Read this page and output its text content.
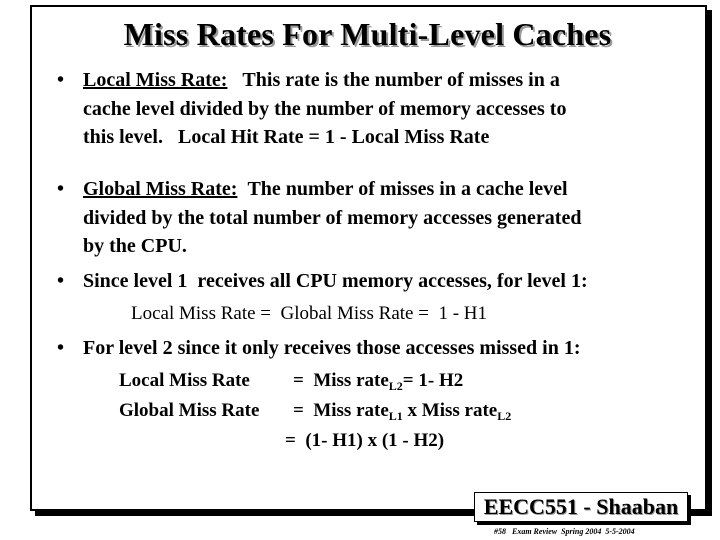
Miss Rates For Multi-Level Caches
• Local Miss Rate: This rate is the number of misses in a
cache level divided by the number of memory accesses to
this level.   Local Hit Rate = 1 - Local Miss Rate
• Global Miss Rate: The number of misses in a cache level
divided by the total number of memory accesses generated
by the CPU.
• Since level 1  receives all CPU memory accesses, for level 1:
Local Miss Rate =  Global Miss Rate =  1 - H1
• For level 2 since it only receives those accesses missed in 1:
Local Miss Rate =  Miss rate$_{L2}$= 1- H2
Global Miss Rate =  Miss rate$_{L1}$ x Miss rate$_{L2}$
=  (1- H1) x (1 - H2)
EECC551 - Shaaban
#58   Exam Review  Spring 2004  5-5-2004
